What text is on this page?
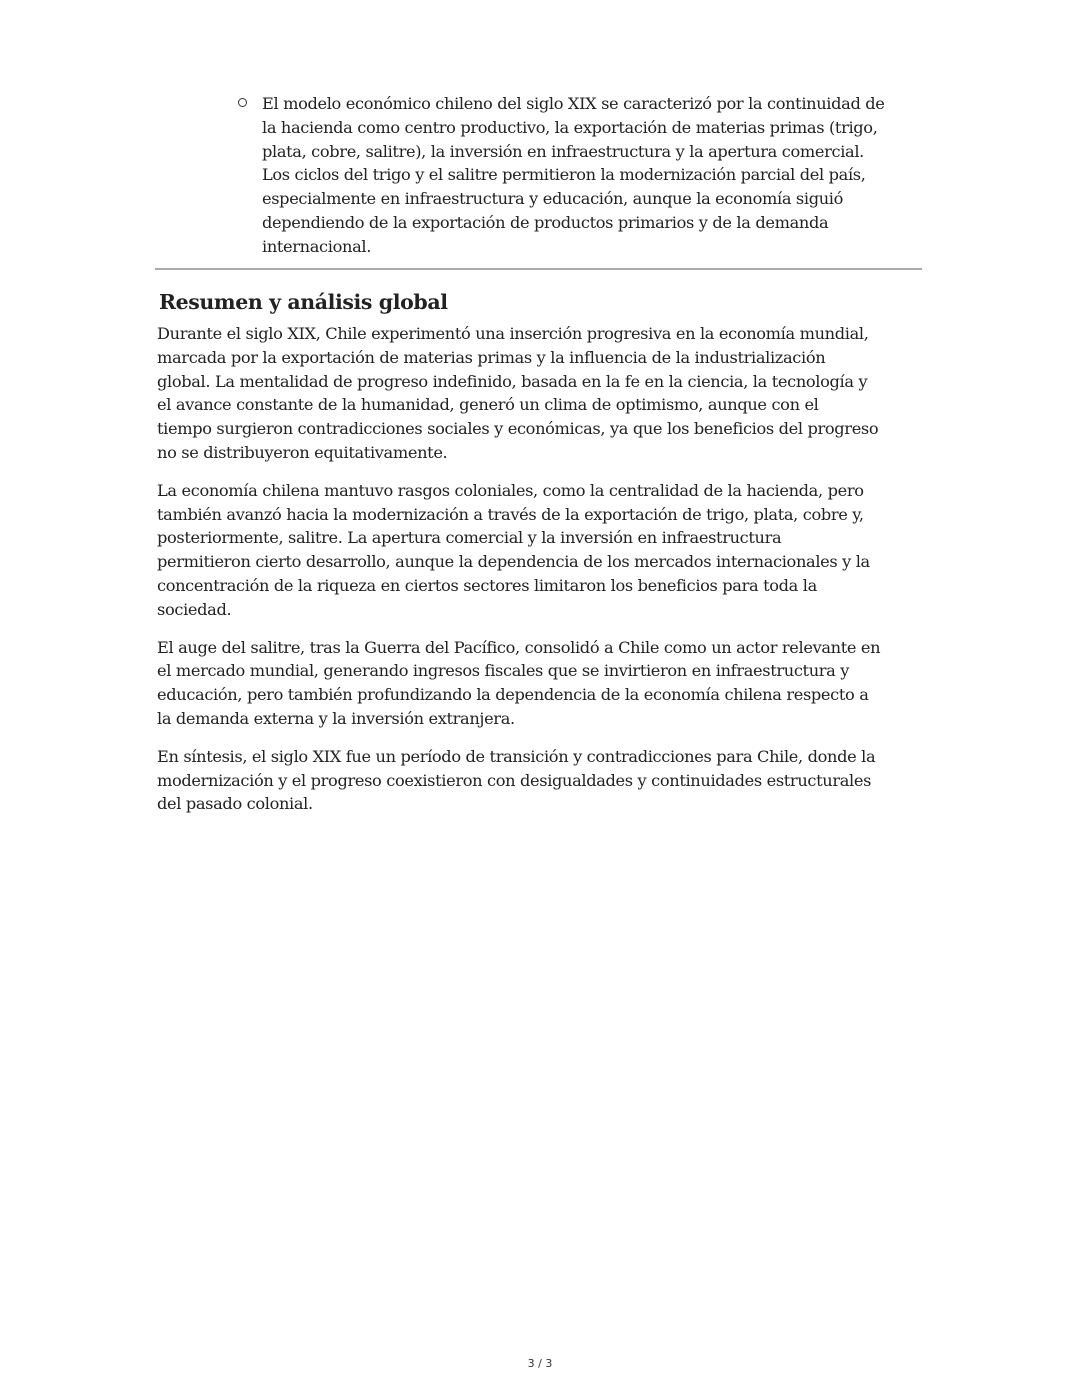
El modelo económico chileno del siglo XIX se caracterizó por la continuidad de
la hacienda como centro productivo, la exportación de materias primas (trigo,
plata, cobre, salitre), la inversión en infraestructura y la apertura comercial.
Los ciclos del trigo y el salitre permitieron la modernización parcial del país,
especialmente en infraestructura y educación, aunque la economía siguió
dependiendo de la exportación de productos primarios y de la demanda
internacional.
Resumen y análisis global

Durante el siglo XIX, Chile experimentó una inserción progresiva en la economía mundial,
marcada por la exportación de materias primas y la influencia de la industrialización
global. La mentalidad de progreso indefinido, basada en la fe en la ciencia, la tecnología y
el avance constante de la humanidad, generó un clima de optimismo, aunque con el
tiempo surgieron contradicciones sociales y económicas, ya que los beneficios del progreso
no se distribuyeron equitativamente.

La economía chilena mantuvo rasgos coloniales, como la centralidad de la hacienda, pero
también avanzó hacia la modernización a través de la exportación de trigo, plata, cobre y,
posteriormente, salitre. La apertura comercial y la inversión en infraestructura
permitieron cierto desarrollo, aunque la dependencia de los mercados internacionales y la
concentración de la riqueza en ciertos sectores limitaron los beneficios para toda la
sociedad.

El auge del salitre, tras la Guerra del Pacífico, consolidó a Chile como un actor relevante en
el mercado mundial, generando ingresos fiscales que se invirtieron en infraestructura y
educación, pero también profundizando la dependencia de la economía chilena respecto a
la demanda externa y la inversión extranjera.

En síntesis, el siglo XIX fue un período de transición y contradicciones para Chile, donde la
modernización y el progreso coexistieron con desigualdades y continuidades estructurales
del pasado colonial.

3 / 3
